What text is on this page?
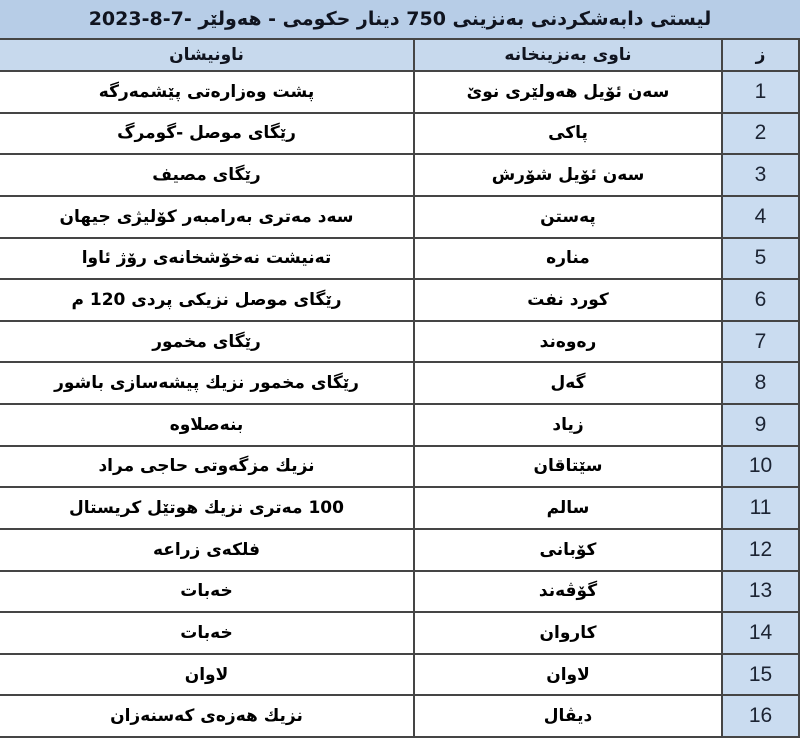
لیستی دابەشکردنی بەنزینی 750 دینار حکومی - هەولێر -7-8-2023
ز	ناوی بەنزینخانە	ناونیشان
1	سەن ئۆیل هەولێری نوێ	پشت وەزارەتی پێشمەرگە
2	پاکی	رێگای موصل -گومرگ
3	سەن ئۆیل شۆرش	رێگای مصیف
4	پەستن	سەد مەتری بەرامبەر کۆلیژی جیهان
5	مناره	تەنیشت نەخۆشخانەی رۆژ ئاوا
6	کورد نفت	رێگای موصل نزیکی پردی 120 م
7	رەوەند	رێگای مخمور
8	گەل	رێگای مخمور نزیك پیشەسازی باشور
9	زیاد	بنەصلاوه
10	سێتاقان	نزیك مزگەوتی حاجی مراد
11	سالم	100 مەتری نزیك هوتێل کریستال
12	کۆبانی	فلکەی زراعه
13	گۆڤەند	خەبات
14	کاروان	خەبات
15	لاوان	لاوان
16	دیڤال	نزیك هەزەی کەسنەزان
